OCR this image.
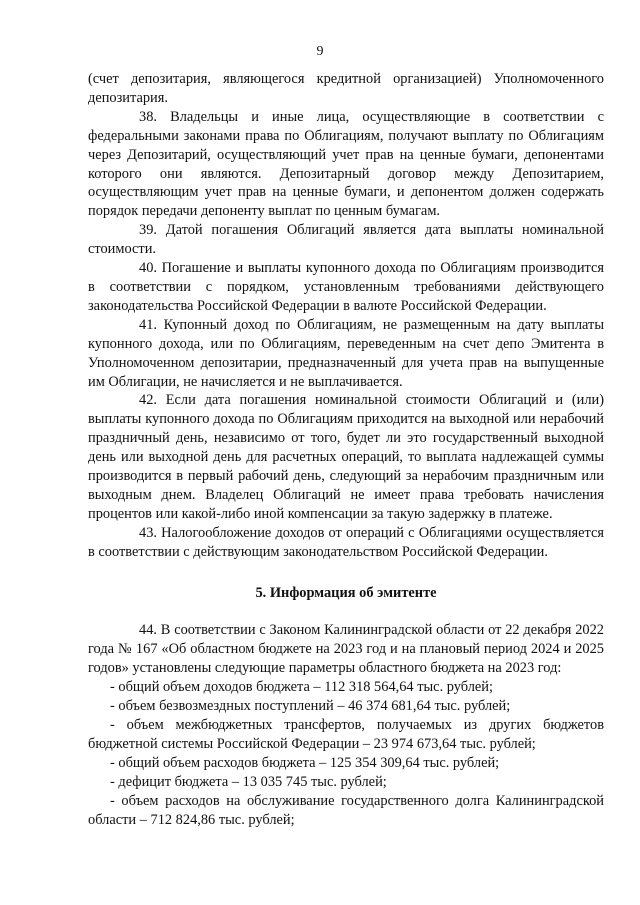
9

(счет депозитария, являющегося кредитной организацией) Уполномоченного депозитария.

38. Владельцы и иные лица, осуществляющие в соответствии с федеральными законами права по Облигациям, получают выплату по Облигациям через Депозитарий, осуществляющий учет прав на ценные бумаги, депонентами которого они являются. Депозитарный договор между Депозитарием, осуществляющим учет прав на ценные бумаги, и депонентом должен содержать порядок передачи депоненту выплат по ценным бумагам.

39. Датой погашения Облигаций является дата выплаты номинальной стоимости.

40. Погашение и выплаты купонного дохода по Облигациям производится в соответствии с порядком, установленным требованиями действующего законодательства Российской Федерации в валюте Российской Федерации.

41. Купонный доход по Облигациям, не размещенным на дату выплаты купонного дохода, или по Облигациям, переведенным на счет депо Эмитента в Уполномоченном депозитарии, предназначенный для учета прав на выпущенные им Облигации, не начисляется и не выплачивается.

42. Если дата погашения номинальной стоимости Облигаций и (или) выплаты купонного дохода по Облигациям приходится на выходной или нерабочий праздничный день, независимо от того, будет ли это государственный выходной день или выходной день для расчетных операций, то выплата надлежащей суммы производится в первый рабочий день, следующий за нерабочим праздничным или выходным днем. Владелец Облигаций не имеет права требовать начисления процентов или какой-либо иной компенсации за такую задержку в платеже.

43. Налогообложение доходов от операций с Облигациями осуществляется в соответствии с действующим законодательством Российской Федерации.

5. Информация об эмитенте

44. В соответствии с Законом Калининградской области от 22 декабря 2022 года № 167 «Об областном бюджете на 2023 год и на плановый период 2024 и 2025 годов» установлены следующие параметры областного бюджета на 2023 год:

- общий объем доходов бюджета – 112 318 564,64 тыс. рублей;

- объем безвозмездных поступлений – 46 374 681,64 тыс. рублей;

- объем межбюджетных трансфертов, получаемых из других бюджетов бюджетной системы Российской Федерации – 23 974 673,64 тыс. рублей;

- общий объем расходов бюджета – 125 354 309,64 тыс. рублей;

- дефицит бюджета – 13 035 745 тыс. рублей;

- объем расходов на обслуживание государственного долга Калининградской области – 712 824,86 тыс. рублей;
